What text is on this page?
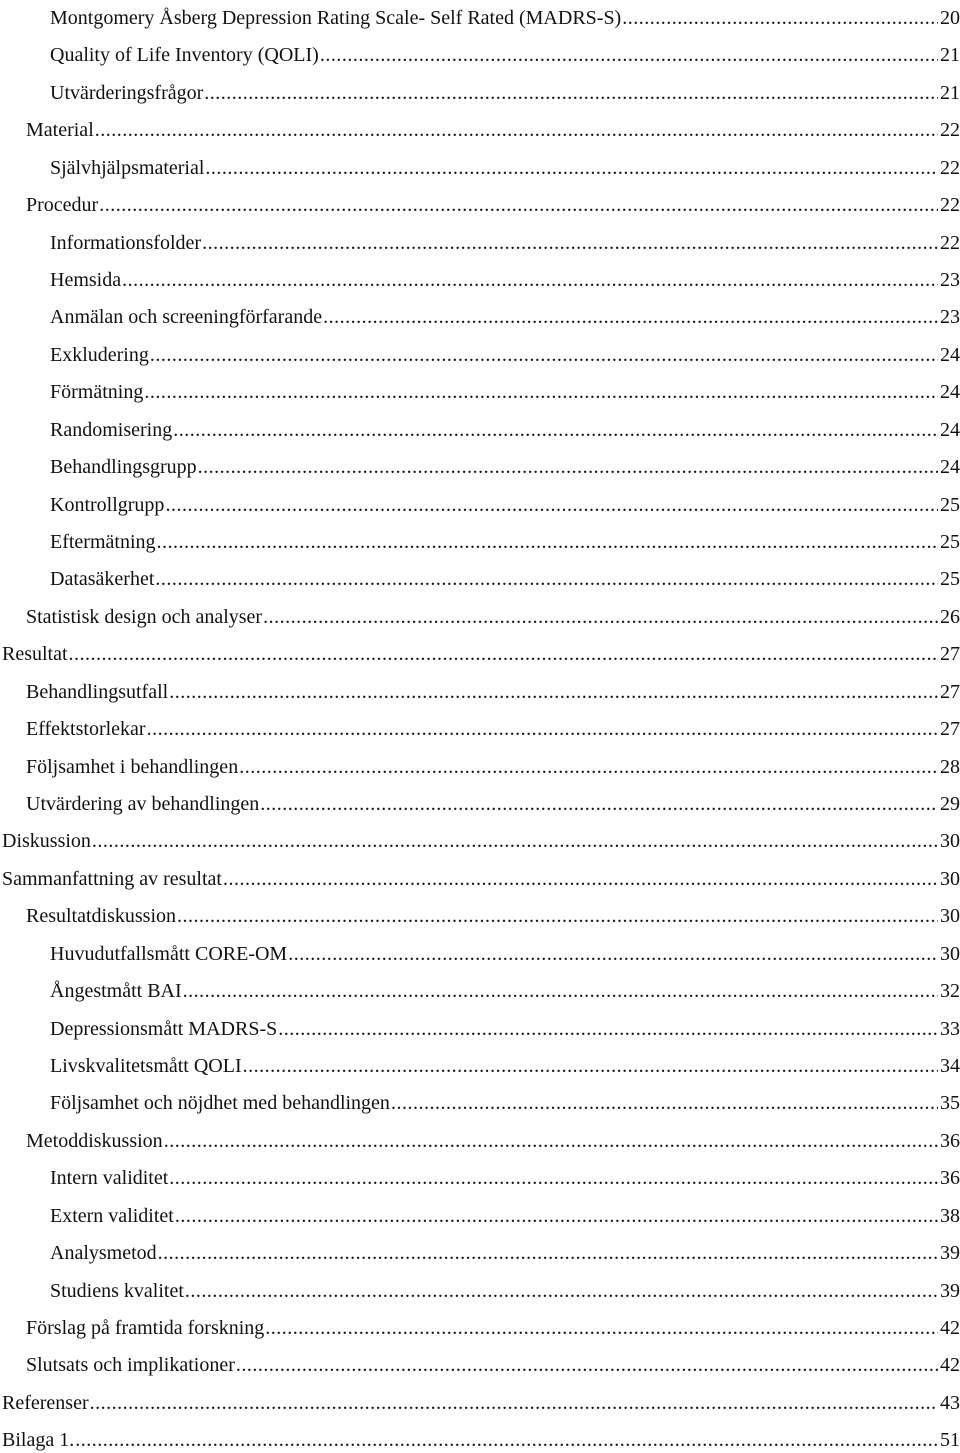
Montgomery Åsberg Depression Rating Scale- Self Rated (MADRS-S) .....	20
Quality of Life Inventory (QOLI) .....	21
Utvärderingsfrågor .....	21
Material .....	22
Självhjälpsmaterial .....	22
Procedur .....	22
Informationsfolder .....	22
Hemsida .....	23
Anmälan och screeningförfarande .....	23
Exkludering .....	24
Förmätning .....	24
Randomisering .....	24
Behandlingsgrupp .....	24
Kontrollgrupp .....	25
Eftermätning .....	25
Datasäkerhet .....	25
Statistisk design och analyser .....	26
Resultat .....	27
Behandlingsutfall .....	27
Effektstorlekar .....	27
Följsamhet i behandlingen .....	28
Utvärdering av behandlingen .....	29
Diskussion .....	30
Sammanfattning av resultat .....	30
Resultatdiskussion .....	30
Huvudutfallsmått CORE-OM .....	30
Ångestmått BAI .....	32
Depressionsmått MADRS-S .....	33
Livskvalitetsmått QOLI .....	34
Följsamhet och nöjdhet med behandlingen .....	35
Metoddiskussion .....	36
Intern validitet .....	36
Extern validitet .....	38
Analysmetod .....	39
Studiens kvalitet .....	39
Förslag på framtida forskning .....	42
Slutsats och implikationer .....	42
Referenser .....	43
Bilaga 1. .....	51
